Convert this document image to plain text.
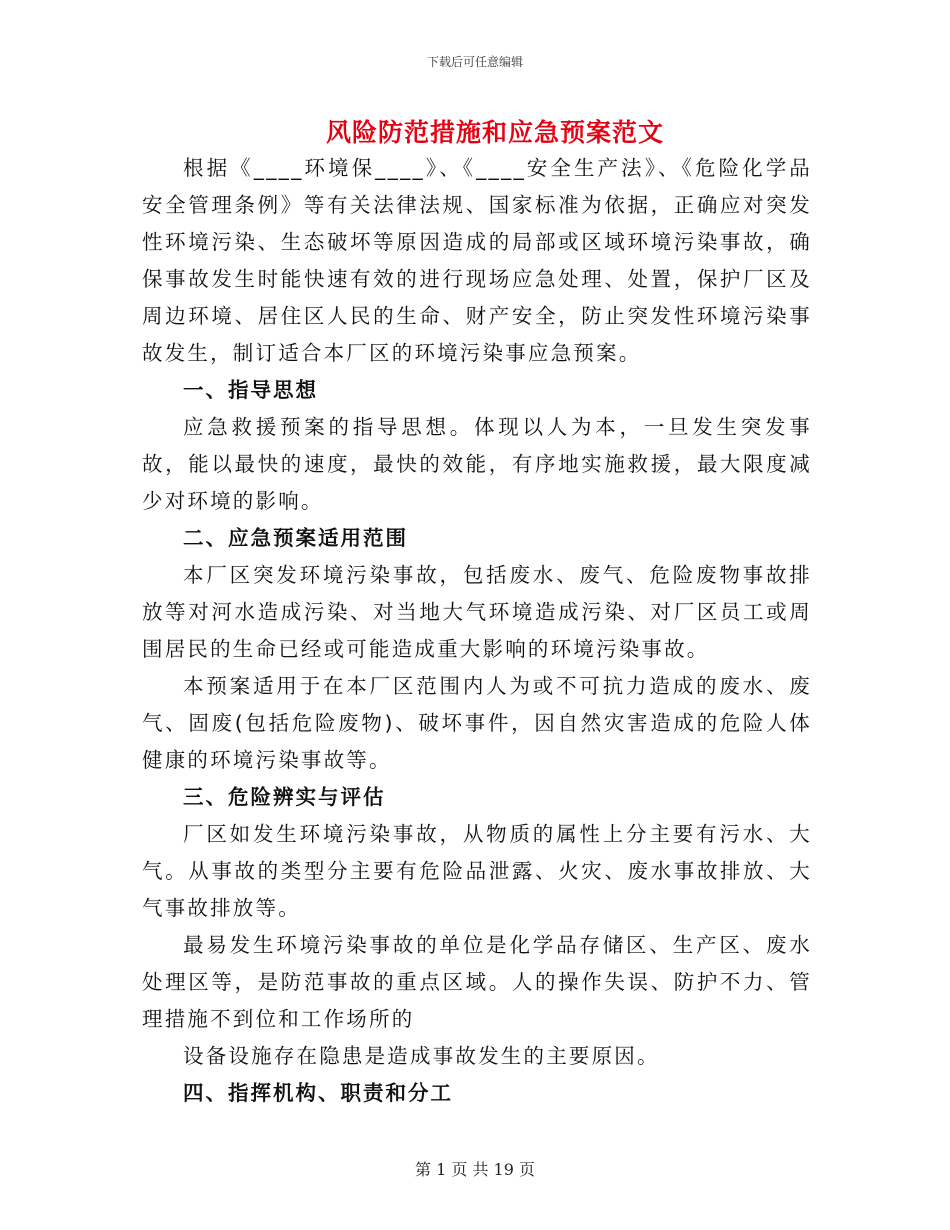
下载后可任意编辑
风险防范措施和应急预案范文

根据《____环境保____》、《____安全生产法》、《危险化学品安全管理条例》等有关法律法规、国家标准为依据，正确应对突发性环境污染、生态破坏等原因造成的局部或区域环境污染事故，确保事故发生时能快速有效的进行现场应急处理、处置，保护厂区及周边环境、居住区人民的生命、财产安全，防止突发性环境污染事故发生，制订适合本厂区的环境污染事应急预案。

一、指导思想

应急救援预案的指导思想。体现以人为本，一旦发生突发事故，能以最快的速度，最快的效能，有序地实施救援，最大限度减少对环境的影响。

二、应急预案适用范围

本厂区突发环境污染事故，包括废水、废气、危险废物事故排放等对河水造成污染、对当地大气环境造成污染、对厂区员工或周围居民的生命已经或可能造成重大影响的环境污染事故。

本预案适用于在本厂区范围内人为或不可抗力造成的废水、废气、固废(包括危险废物)、破坏事件，因自然灾害造成的危险人体健康的环境污染事故等。

三、危险辨实与评估

厂区如发生环境污染事故，从物质的属性上分主要有污水、大气。从事故的类型分主要有危险品泄露、火灾、废水事故排放、大气事故排放等。

最易发生环境污染事故的单位是化学品存储区、生产区、废水处理区等，是防范事故的重点区域。人的操作失误、防护不力、管理措施不到位和工作场所的

设备设施存在隐患是造成事故发生的主要原因。

四、指挥机构、职责和分工

第 1 页 共 19 页
